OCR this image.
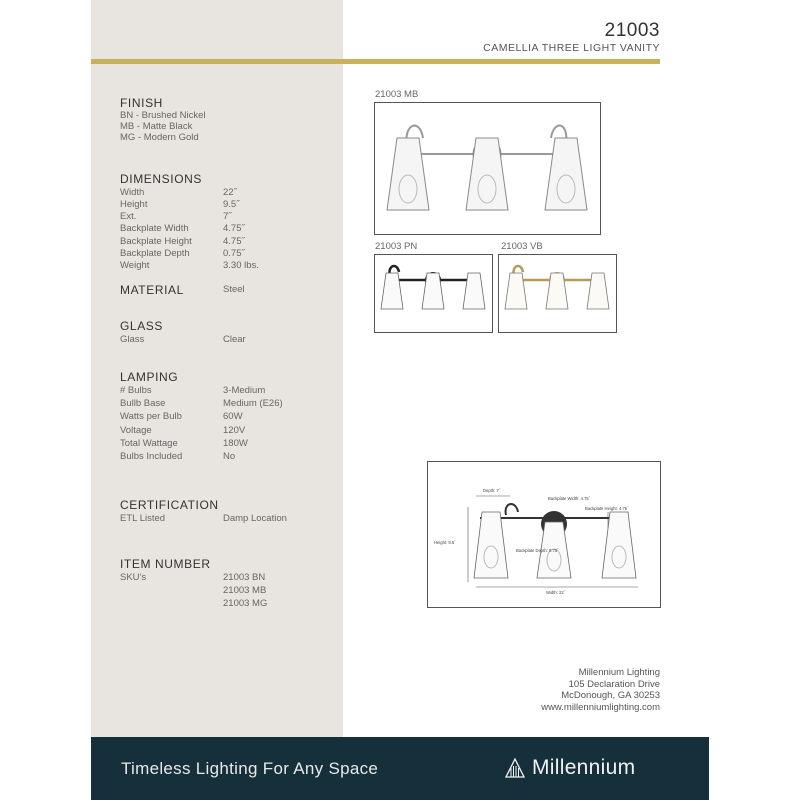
21003
CAMELLIA THREE LIGHT VANITY
FINISH
BN - Brushed Nickel
MB - Matte Black
MG - Modern Gold
DIMENSIONS
Width	22˝
Height	9.5˝
Ext.	7˝
Backplate Width	4.75˝
Backplate Height	4.75˝
Backplate Depth	0.75˝
Weight	3.30 lbs.
MATERIAL	Steel
GLASS
Glass	Clear
LAMPING
# Bulbs	3-Medium
Bullb Base	Medium (E26)
Watts per Bulb	60W
Voltage	120V
Total Wattage	180W
Bulbs Included	No
CERTIFICATION
ETL Listed	Damp Location
ITEM NUMBER
SKU's	21003 BN
21003 MB
21003 MG
21003 MB
21003 PN	21003 VB
Depth: 7˝
Backplate Width: 4.75˝
Backplate Height: 4.75˝
Backplate Depth: 0.75˝
Height: 9.5˝
Width: 22˝
Millennium Lighting
105 Declaration Drive
McDonough, GA 30253
www.millenniumlighting.com
Timeless Lighting For Any Space	Millennium
